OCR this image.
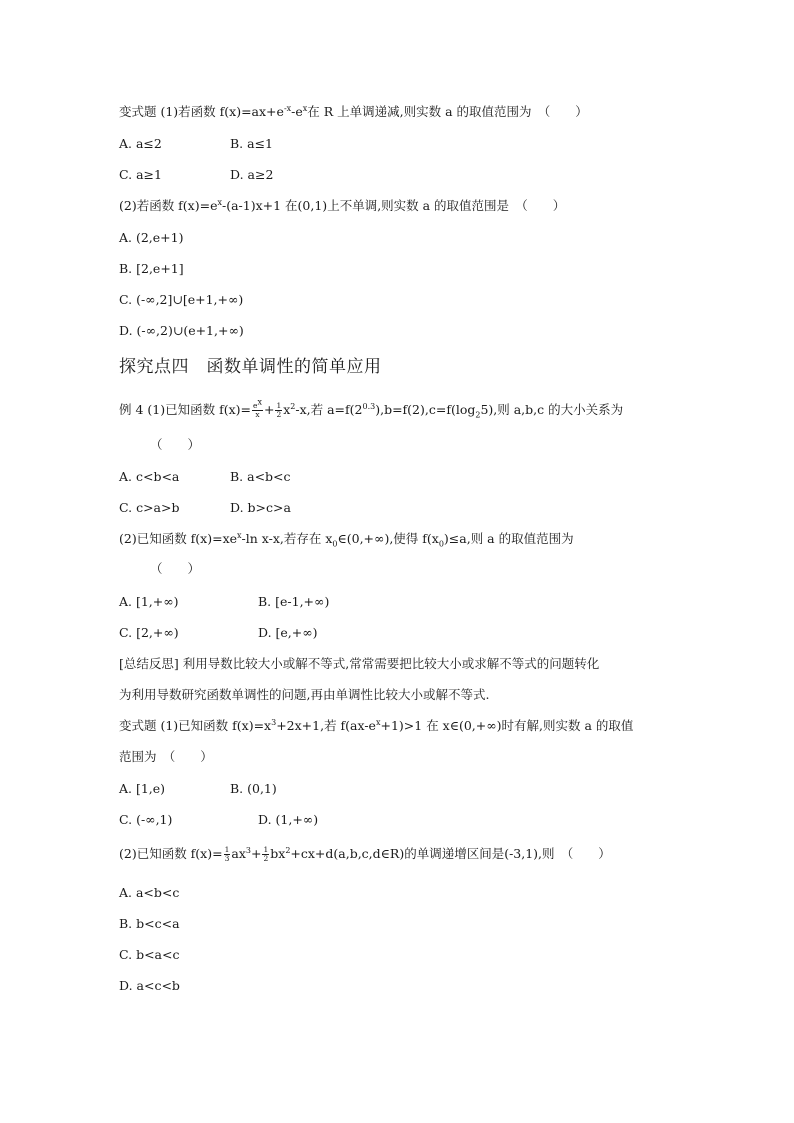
变式题 (1)若函数 $f(x)=ax+e^{-x}-e^x$在 R 上单调递减,则实数 a 的取值范围为　（　　）
A. a≤2	B. a≤1
C. a≥1	D. a≥2
(2)若函数 $f(x)=e^x-(a-1)x+1$ 在(0,1)上不单调,则实数 a 的取值范围是　（　　）
A. (2,e+1)
B. [2,e+1]
C. (-∞,2]∪[e+1,+∞)
D. (-∞,2)∪(e+1,+∞)
探究点四　函数单调性的简单应用
例 4 (1)已知函数 $f(x)= \frac{e^x}{x} + \frac{1}{2} x^2-x$,若 $a=f(2^{0.3}),b=f(2),c=f(\log_25)$,则 a,b,c 的大小关系为
（　　）
A. c<b<a	B. a<b<c
C. c>a>b	D. b>c>a
(2)已知函数 $f(x)=xe^x-\ln$ x-x,若存在 $x_0\in(0,+\infty)$,使得 $f(x_0)\le a$,则 a 的取值范围为
（　　）
A. [1,+∞)	B. [e-1,+∞)
C. [2,+∞)	D. [e,+∞)
[总结反思] 利用导数比较大小或解不等式,常常需要把比较大小或求解不等式的问题转化
为利用导数研究函数单调性的问题,再由单调性比较大小或解不等式.
变式题 (1)已知函数 $f(x)=x^3+2x+1$,若 $f(ax-e^x+1)>1$ 在 x∈(0,+∞)时有解,则实数 a 的取值
范围为　（　　）
A. [1,e)	B. (0,1)
C. (-∞,1)	D. (1,+∞)
(2)已知函数 $f(x)= \frac{1}{3} ax^3+ \frac{1}{2}$ $bx^2+cx+d(a,b,c,d\in R)$的单调递增区间是(-3,1),则　（　　）
A. a<b<c
B. b<c<a
C. b<a<c
D. a<c<b
